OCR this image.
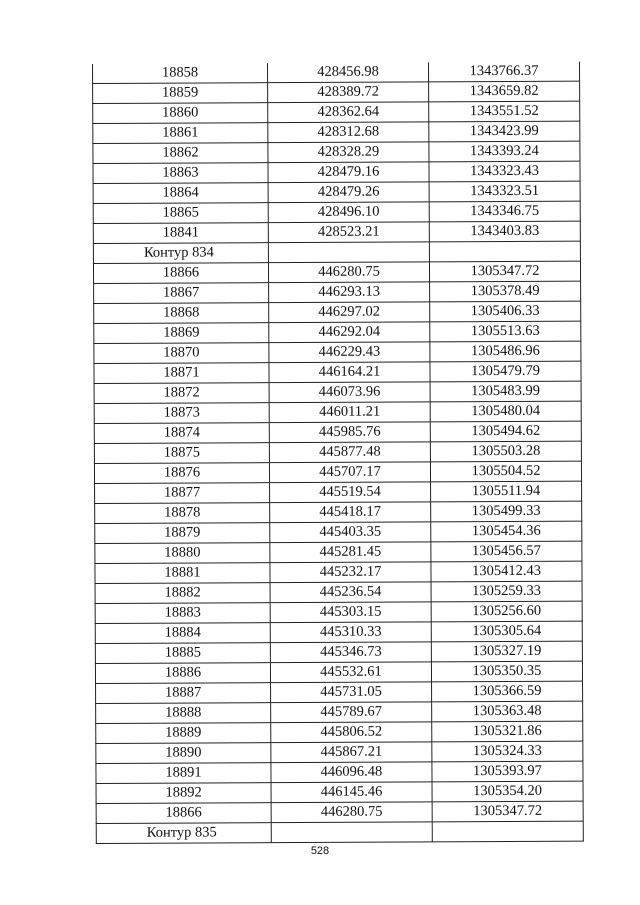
18858	428456.98	1343766.37
18859	428389.72	1343659.82
18860	428362.64	1343551.52
18861	428312.68	1343423.99
18862	428328.29	1343393.24
18863	428479.16	1343323.43
18864	428479.26	1343323.51
18865	428496.10	1343346.75
18841	428523.21	1343403.83
Контур 834		
18866	446280.75	1305347.72
18867	446293.13	1305378.49
18868	446297.02	1305406.33
18869	446292.04	1305513.63
18870	446229.43	1305486.96
18871	446164.21	1305479.79
18872	446073.96	1305483.99
18873	446011.21	1305480.04
18874	445985.76	1305494.62
18875	445877.48	1305503.28
18876	445707.17	1305504.52
18877	445519.54	1305511.94
18878	445418.17	1305499.33
18879	445403.35	1305454.36
18880	445281.45	1305456.57
18881	445232.17	1305412.43
18882	445236.54	1305259.33
18883	445303.15	1305256.60
18884	445310.33	1305305.64
18885	445346.73	1305327.19
18886	445532.61	1305350.35
18887	445731.05	1305366.59
18888	445789.67	1305363.48
18889	445806.52	1305321.86
18890	445867.21	1305324.33
18891	446096.48	1305393.97
18892	446145.46	1305354.20
18866	446280.75	1305347.72
Контур 835		
528
